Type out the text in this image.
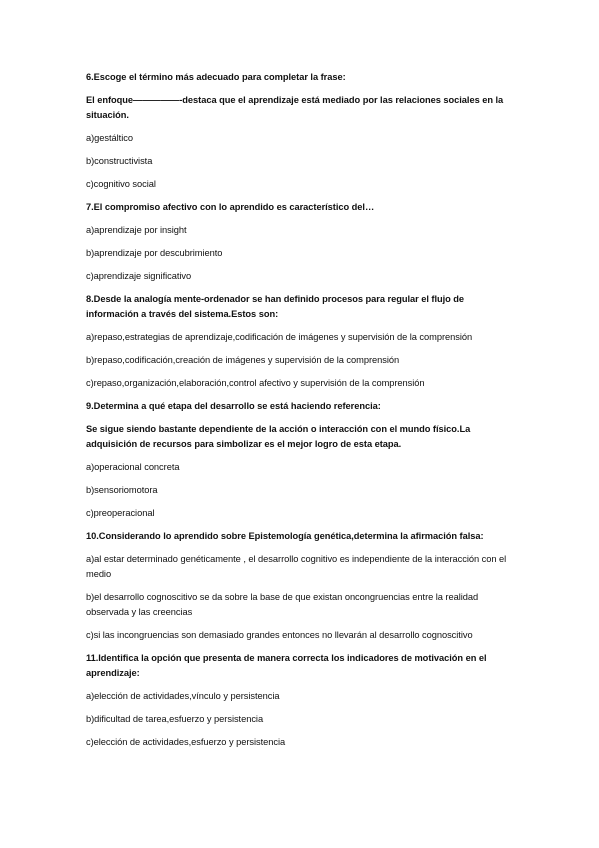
6.Escoge el término más adecuado para completar la frase:

El enfoque—————-destaca que el aprendizaje está mediado por las relaciones sociales en la situación.

a)gestáltico

b)constructivista

c)cognitivo social

7.El compromiso afectivo con lo aprendido es característico del…

a)aprendizaje por insight

b)aprendizaje por descubrimiento

c)aprendizaje significativo

8.Desde la analogía mente-ordenador se han definido procesos para regular el flujo de información a través del sistema.Estos son:

a)repaso,estrategias de aprendizaje,codificación de imágenes y supervisión de la comprensión

b)repaso,codificación,creación de imágenes y supervisión de la comprensión

c)repaso,organización,elaboración,control afectivo y supervisión de la comprensión

9.Determina a qué etapa del desarrollo se está haciendo referencia:

Se sigue siendo bastante dependiente de la acción o interacción con el mundo físico.La adquisición de recursos para simbolizar es el mejor logro de esta etapa.

a)operacional concreta

b)sensoriomotora

c)preoperacional

10.Considerando lo aprendido sobre Epistemología genética,determina la afirmación falsa:

a)al estar determinado genéticamente , el desarrollo cognitivo es independiente de la interacción con el medio

b)el desarrollo cognoscitivo se da sobre la base de que existan oncongruencias entre la realidad observada y las creencias

c)si las incongruencias son demasiado grandes entonces no llevarán al desarrollo cognoscitivo

11.Identifica la opción que presenta de manera correcta los indicadores de motivación en el aprendizaje:

a)elección de actividades,vínculo y persistencia

b)dificultad de tarea,esfuerzo y persistencia

c)elección de actividades,esfuerzo y persistencia
